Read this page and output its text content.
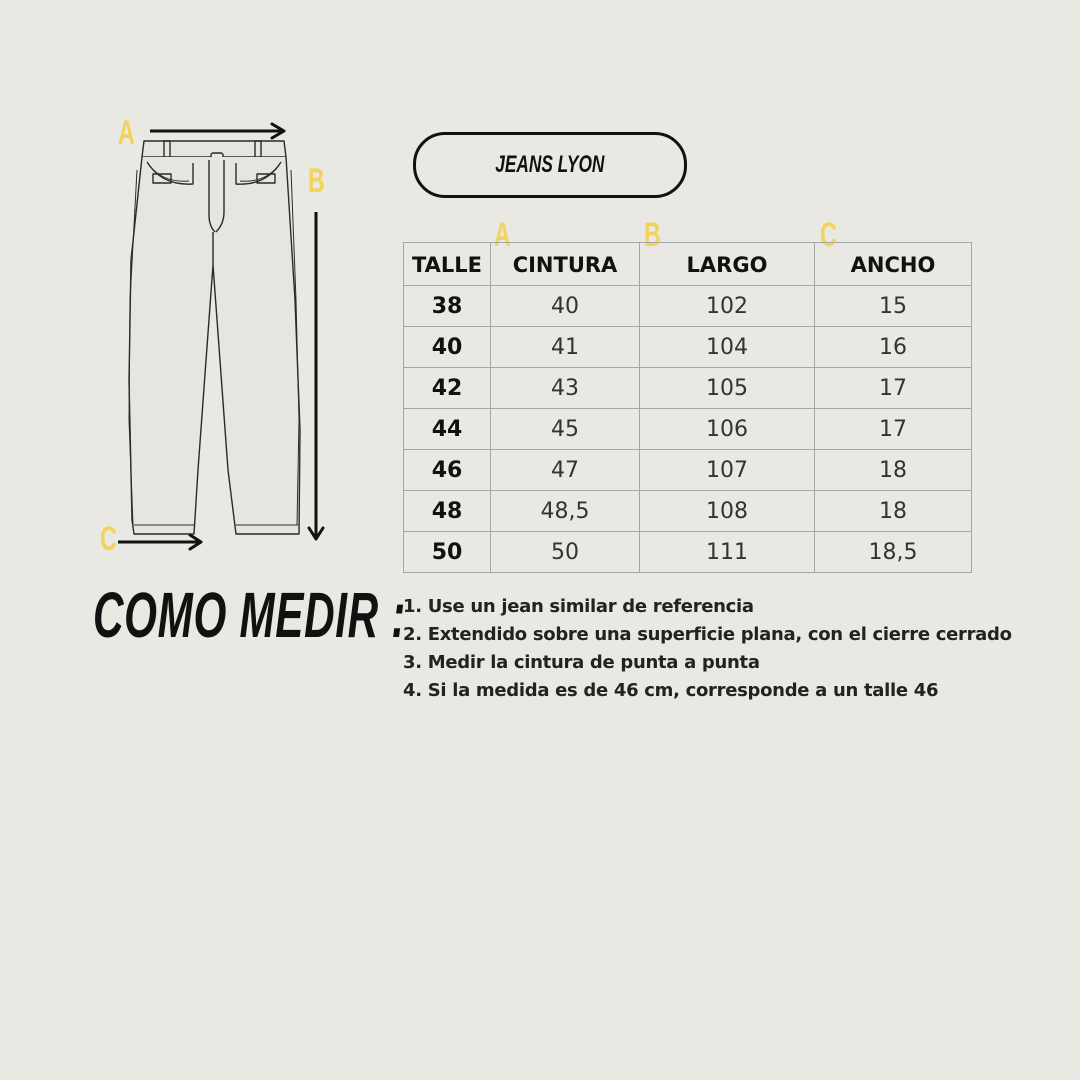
A
B
C
JEANS LYON
A	B	C
TALLE	CINTURA	LARGO	ANCHO
38	40	102	15
40	41	104	16
42	43	105	17
44	45	106	17
46	47	107	18
48	48,5	108	18
50	50	111	18,5
COMO MEDIR :
1. Use un jean similar de referencia
2. Extendido sobre una superficie plana, con el cierre cerrado
3. Medir la cintura de punta a punta
4. Si la medida es de 46 cm, corresponde a un talle 46
